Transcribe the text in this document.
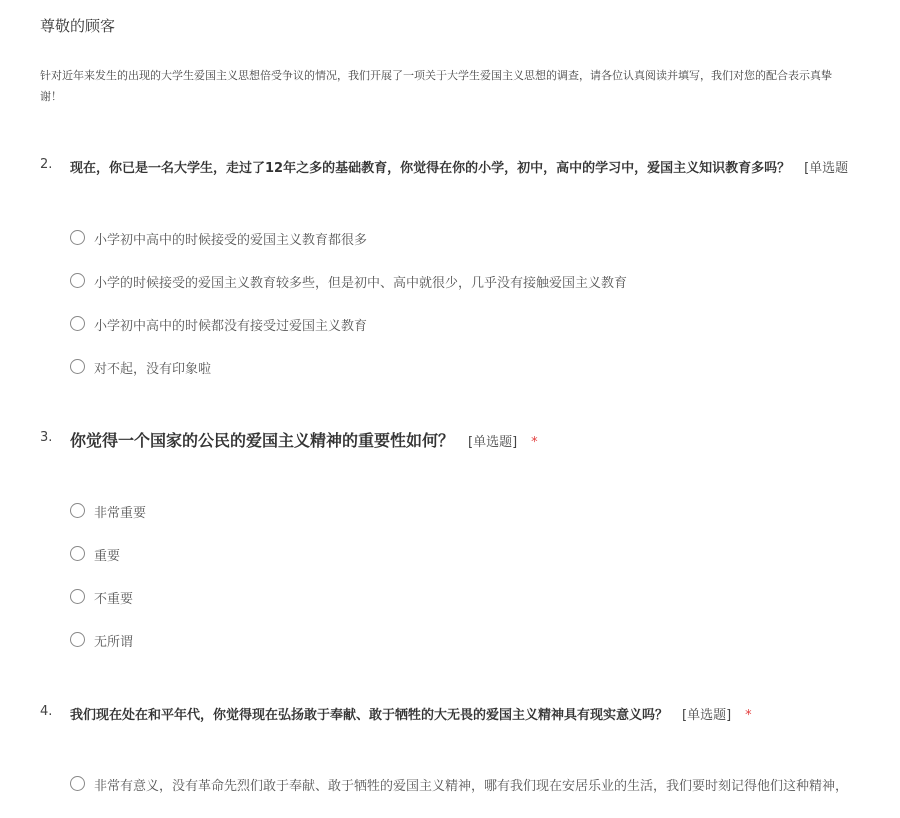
尊敬的顾客
针对近年来发生的出现的大学生爱国主义思想倍受争议的情况，我们开展了一项关于大学生爱国主义思想的调查，请各位认真阅读并填写，我们对您的配合表示真挚
谢！
2. 现在，你已是一名大学生，走过了12年之多的基础教育，你觉得在你的小学，初中，高中的学习中，爱国主义知识教育多吗？ [单选题
小学初中高中的时候接受的爱国主义教育都很多
小学的时候接受的爱国主义教育较多些，但是初中、高中就很少，几乎没有接触爱国主义教育
小学初中高中的时候都没有接受过爱国主义教育
对不起，没有印象啦
3. 你觉得一个国家的公民的爱国主义精神的重要性如何？ [单选题] *
非常重要
重要
不重要
无所谓
4. 我们现在处在和平年代，你觉得现在弘扬敢于奉献、敢于牺牲的大无畏的爱国主义精神具有现实意义吗？ [单选题] *
非常有意义，没有革命先烈们敢于奉献、敢于牺牲的爱国主义精神，哪有我们现在安居乐业的生活，我们要时刻记得他们这种精神，
